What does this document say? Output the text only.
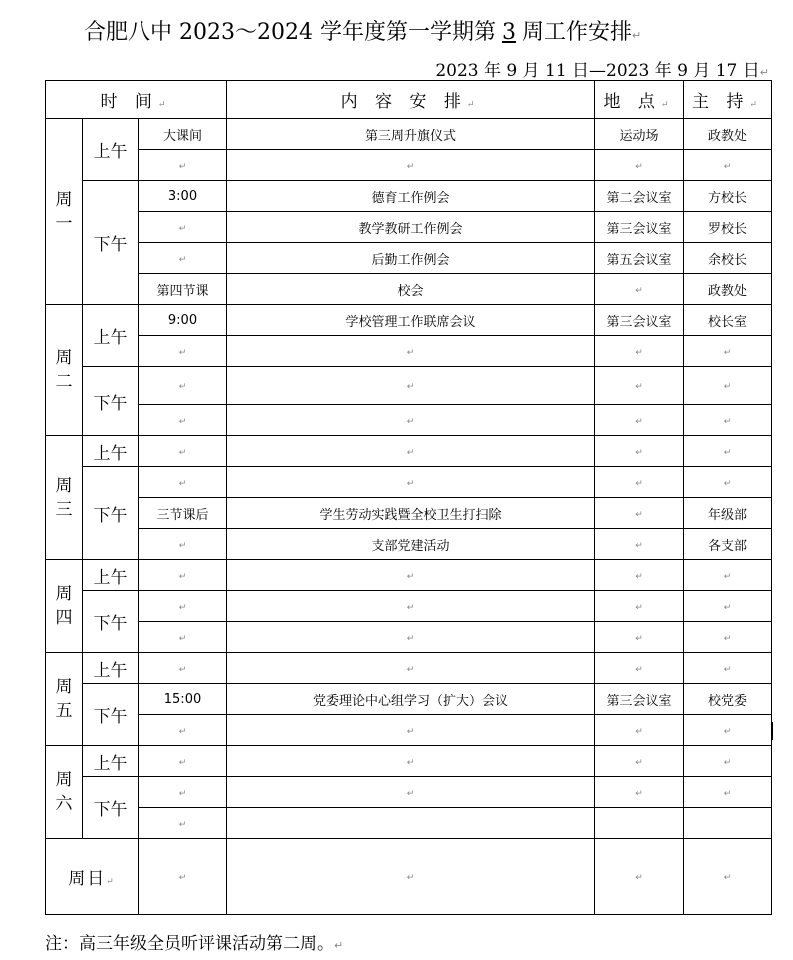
合肥八中 2023～2024 学年度第一学期第 3 周工作安排↵
2023 年 9 月 11 日—2023 年 9 月 17 日↵
时 间↵			内 容 安 排↵	地 点↵	主 持↵

周
一	上午	大课间	第三周升旗仪式	运动场	政教处
		↵	↵	↵	↵
	下午	3:00	德育工作例会	第二会议室	方校长
		↵	教学教研工作例会	第三会议室	罗校长
		↵	后勤工作例会	第五会议室	余校长
		第四节课	校会	↵	政教处

周
二	上午	9:00	学校管理工作联席会议	第三会议室	校长室
		↵	↵	↵	↵
	下午	↵	↵	↵	↵
		↵	↵	↵	↵

周
三	上午	↵	↵	↵	↵
	下午	↵	↵	↵	↵
		三节课后	学生劳动实践暨全校卫生打扫除	↵	年级部
		↵	支部党建活动	↵	各支部

周
四	上午	↵	↵	↵	↵
	下午	↵	↵	↵	↵
		↵	↵	↵	↵

周
五	上午	↵	↵	↵	↵
	下午	15:00	党委理论中心组学习（扩大）会议	第三会议室	校党委
		↵	↵	↵	↵

周
六	上午	↵	↵	↵	↵
	下午	↵	↵	↵	↵
		↵			
周日↵		↵	↵	↵	↵
注：高三年级全员听评课活动第二周。↵
